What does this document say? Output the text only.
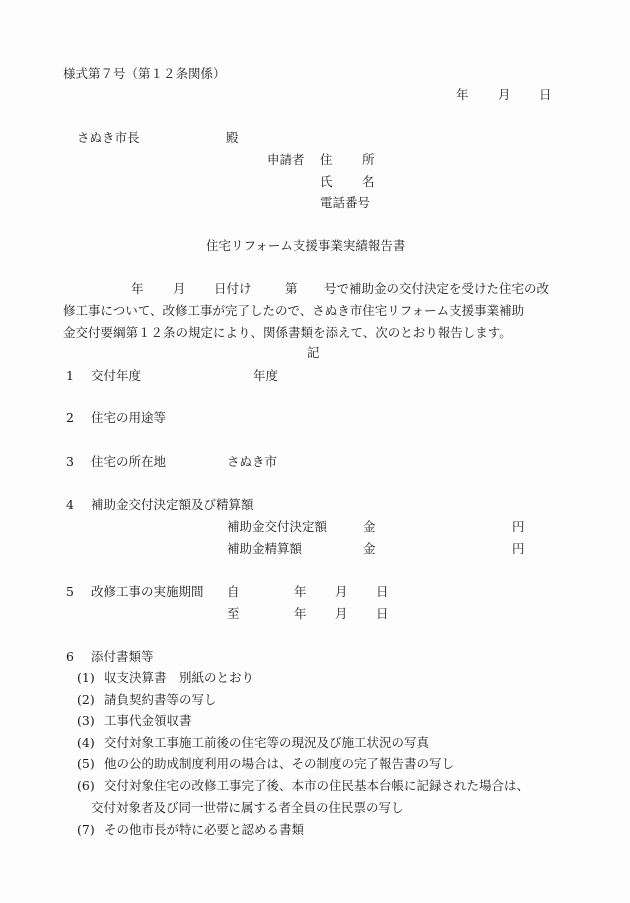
様式第７号（第１２条関係）
年 月 日
さぬき市長	殿
申請者 住 所
氏 名
電話番号
住宅リフォーム支援事業実績報告書
年 月 日付け	第 号で補助金の交付決定を受けた住宅の改
修工事について、改修工事が完了したので、さぬき市住宅リフォーム支援事業補助
金交付要綱第１２条の規定により、関係書類を添えて、次のとおり報告します。
記
1 交付年度	年度
2 住宅の用途等
3 住宅の所在地	さぬき市
4 補助金交付決定額及び精算額
補助金交付決定額	金	円
補助金精算額	金	円
5 改修工事の実施期間 自	年 月 日
至	年 月 日
6 添付書類等
(1) 収支決算書　別紙のとおり
(2) 請負契約書等の写し
(3) 工事代金領収書
(4) 交付対象工事施工前後の住宅等の現況及び施工状況の写真
(5) 他の公的助成制度利用の場合は、その制度の完了報告書の写し
(6) 交付対象住宅の改修工事完了後、本市の住民基本台帳に記録された場合は、
交付対象者及び同一世帯に属する者全員の住民票の写し
(7) その他市長が特に必要と認める書類
